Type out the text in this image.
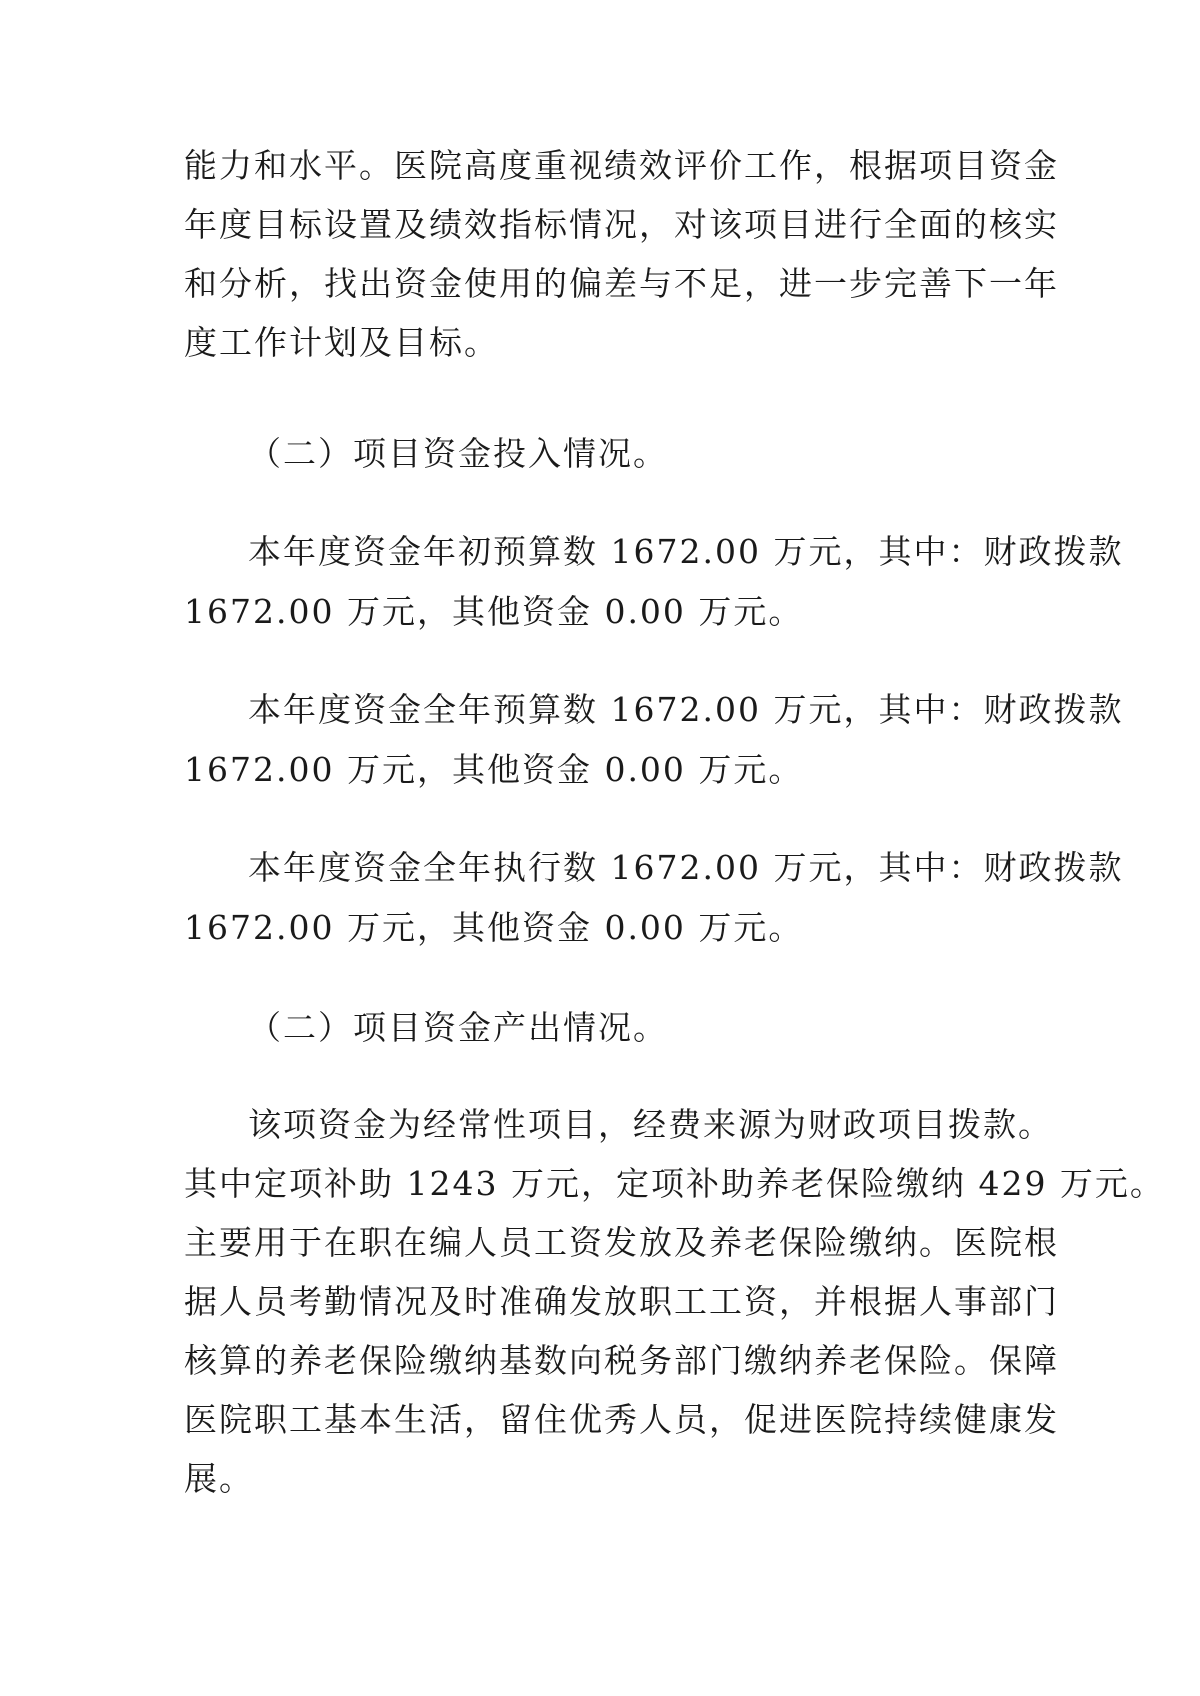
能力和水平。医院高度重视绩效评价工作，根据项目资金
年度目标设置及绩效指标情况，对该项目进行全面的核实
和分析，找出资金使用的偏差与不足，进一步完善下一年
度工作计划及目标。
（二）项目资金投入情况。
本年度资金年初预算数 1672.00 万元，其中：财政拨款
1672.00 万元，其他资金 0.00 万元。
本年度资金全年预算数 1672.00 万元，其中：财政拨款
1672.00 万元，其他资金 0.00 万元。
本年度资金全年执行数 1672.00 万元，其中：财政拨款
1672.00 万元，其他资金 0.00 万元。
（二）项目资金产出情况。
该项资金为经常性项目，经费来源为财政项目拨款。
其中定项补助 1243 万元，定项补助养老保险缴纳 429 万元。
主要用于在职在编人员工资发放及养老保险缴纳。医院根
据人员考勤情况及时准确发放职工工资，并根据人事部门
核算的养老保险缴纳基数向税务部门缴纳养老保险。保障
医院职工基本生活，留住优秀人员，促进医院持续健康发
展。
